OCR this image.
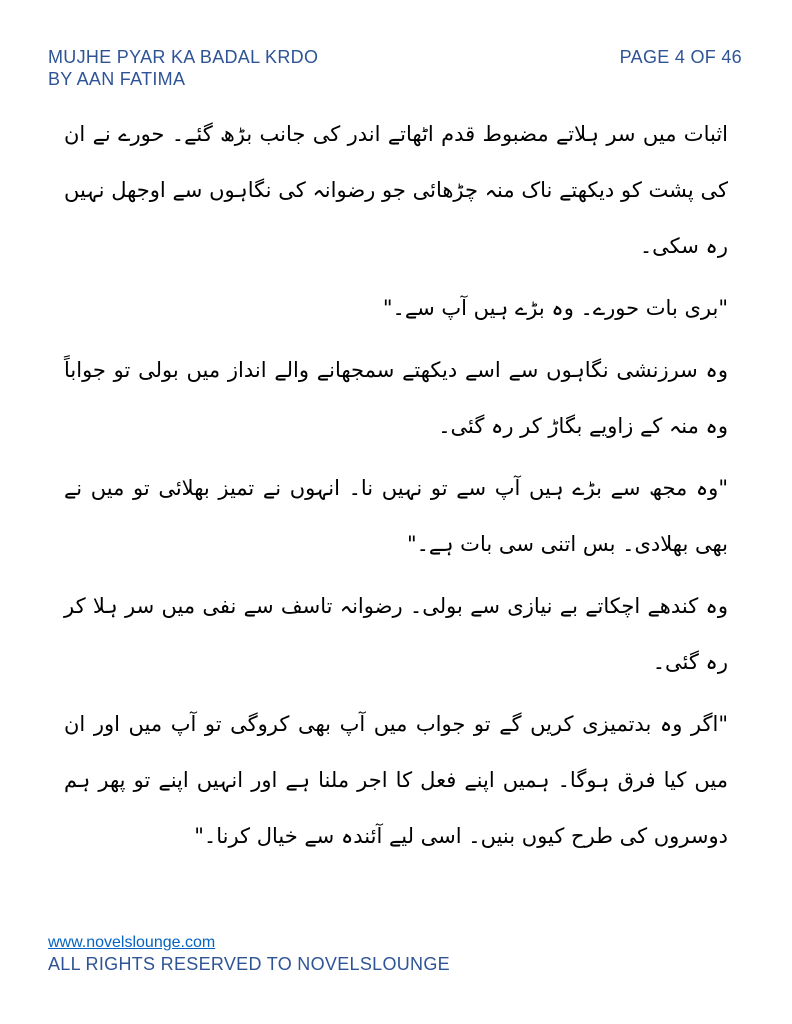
MUJHE PYAR KA BADAL KRDO
BY AAN FATIMA
PAGE 4 OF 46

اثبات میں سر ہلاتے مضبوط قدم اٹھاتے اندر کی جانب بڑھ گئے۔ حورے نے ان کی پشت کو دیکھتے ناک منہ چڑھائی جو رضوانہ کی نگاہوں سے اوجھل نہیں رہ سکی۔

"بری بات حورے۔ وہ بڑے ہیں آپ سے۔"

وہ سرزنشی نگاہوں سے اسے دیکھتے سمجھانے والے انداز میں بولی تو جواباً وہ منہ کے زاویے بگاڑ کر رہ گئی۔

"وہ مجھ سے بڑے ہیں آپ سے تو نہیں نا۔ انہوں نے تمیز بھلائی تو میں نے بھی بھلادی۔ بس اتنی سی بات ہے۔"

وہ کندھے اچکاتے بے نیازی سے بولی۔ رضوانہ تاسف سے نفی میں سر ہلا کر رہ گئی۔

"اگر وہ بدتمیزی کریں گے تو جواب میں آپ بھی کروگی تو آپ میں اور ان میں کیا فرق ہوگا۔ ہمیں اپنے فعل کا اجر ملنا ہے اور انہیں اپنے تو پھر ہم دوسروں کی طرح کیوں بنیں۔ اسی لیے آئندہ سے خیال کرنا۔"

www.novelslounge.com
ALL RIGHTS RESERVED TO NOVELSLOUNGE
